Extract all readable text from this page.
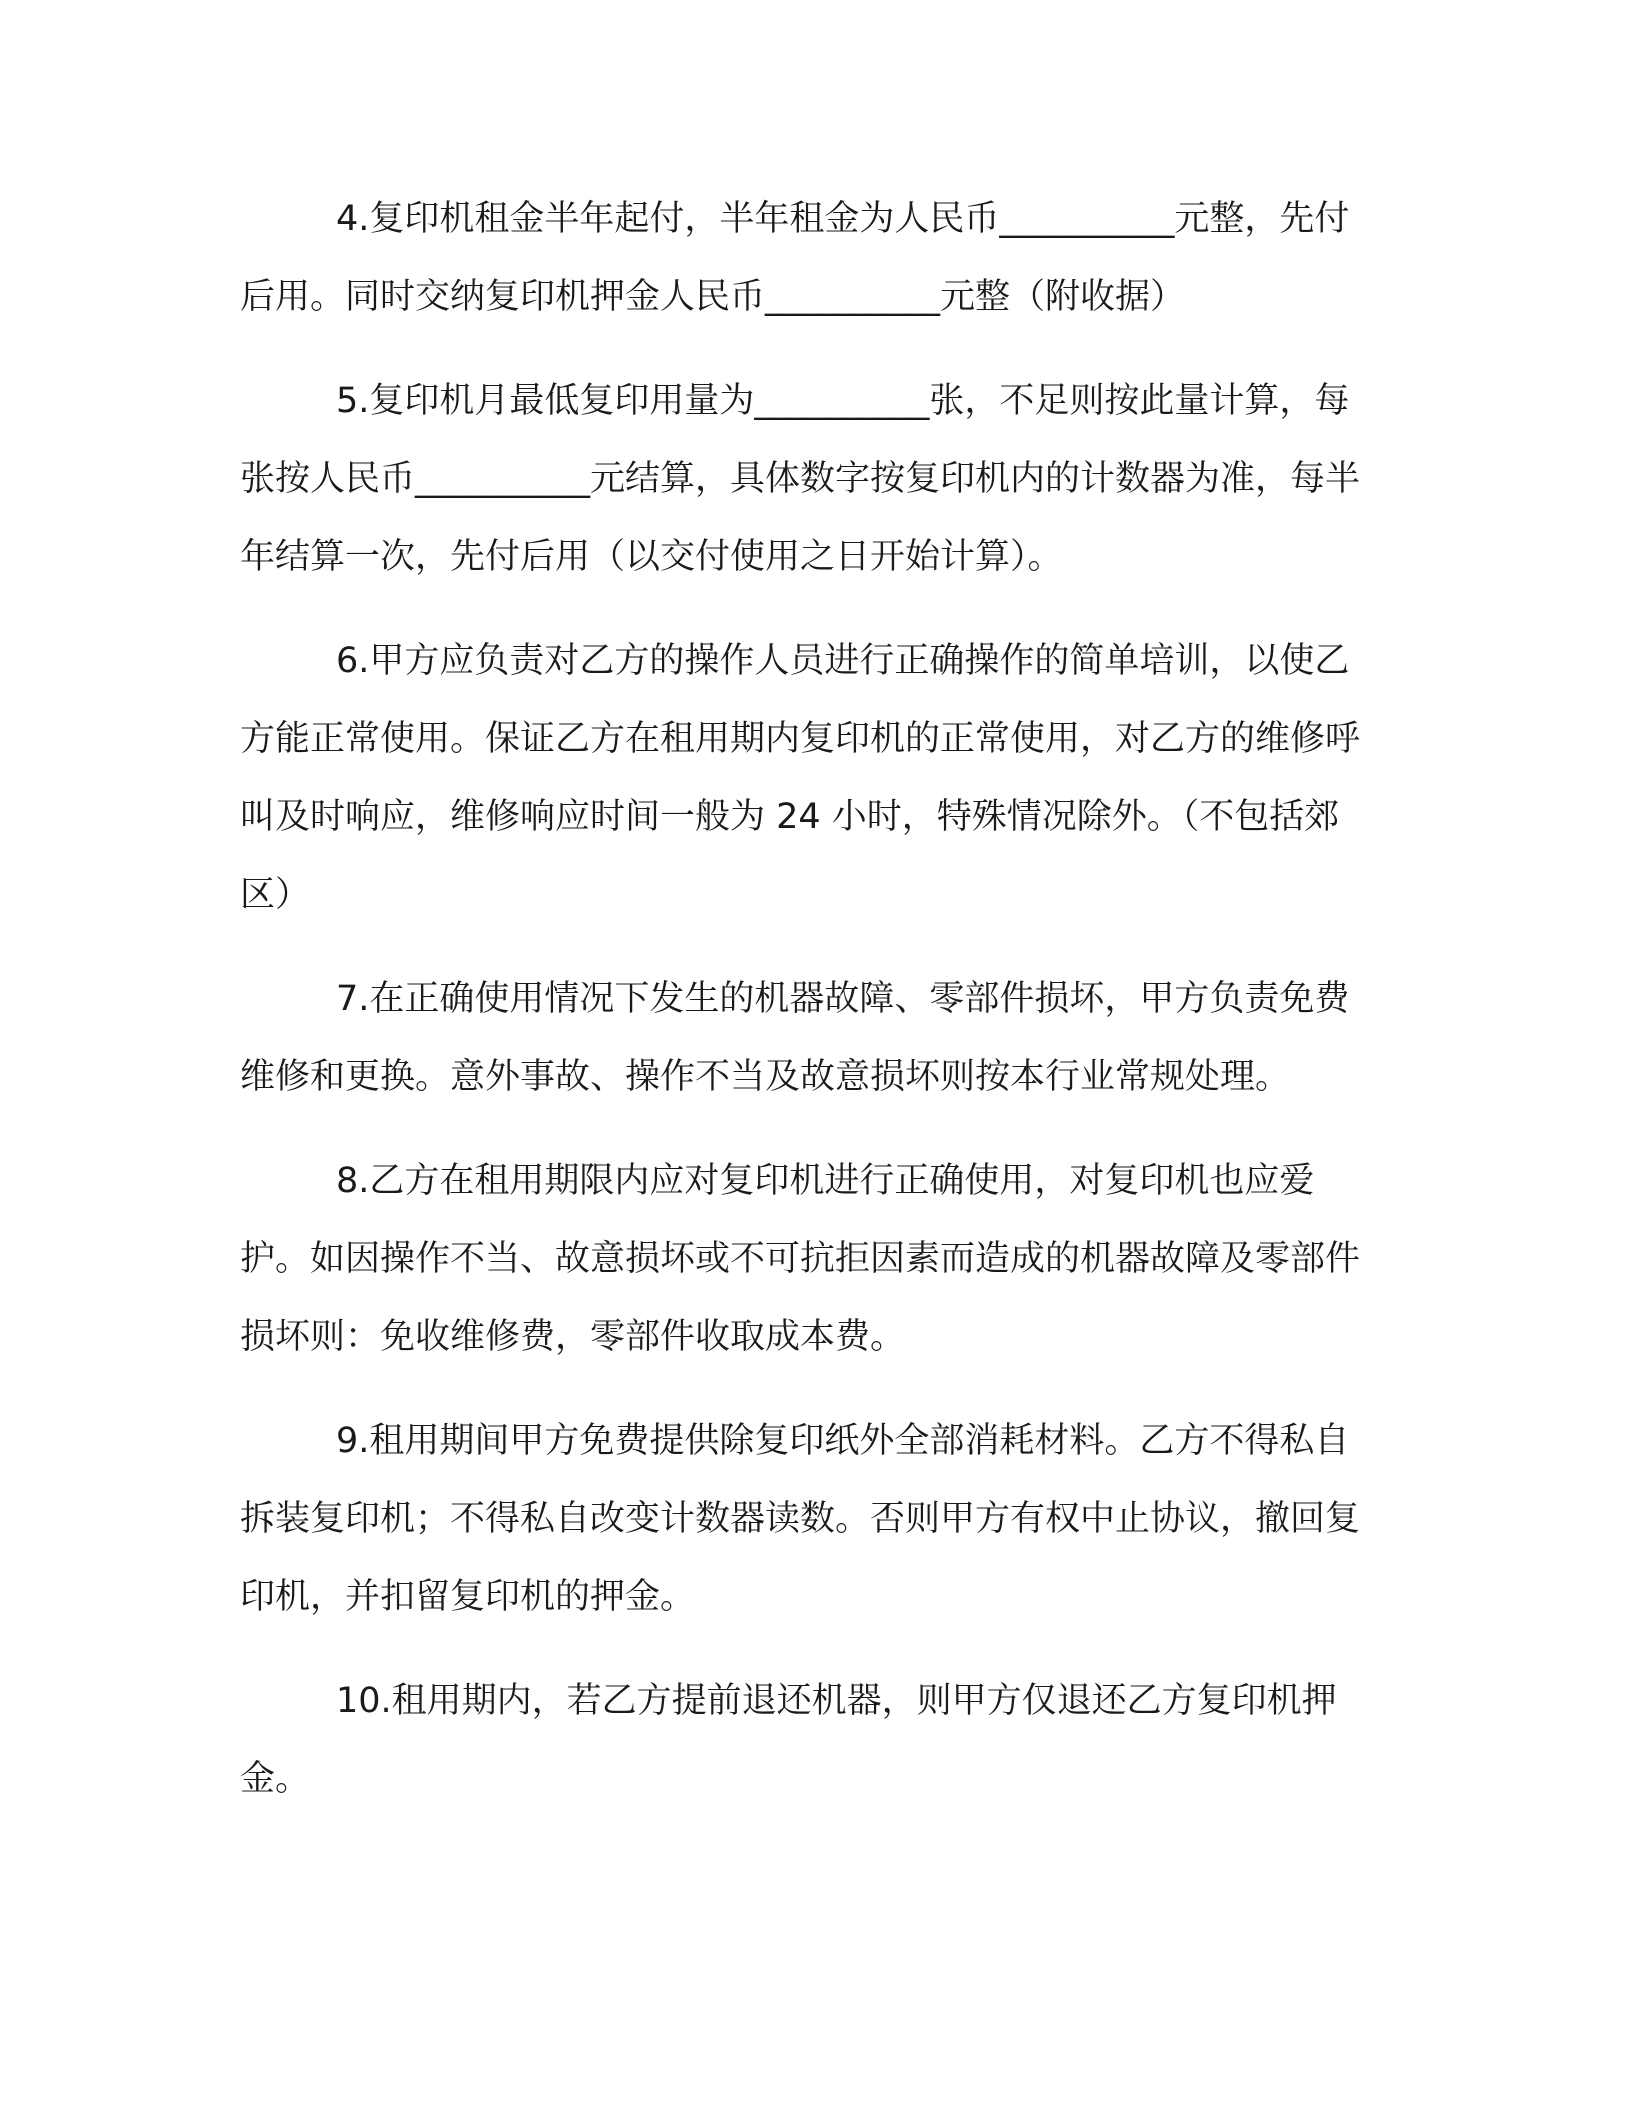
4.复印机租金半年起付，半年租金为人民币__________元整，先付后用。同时交纳复印机押金人民币__________元整（附收据）

5.复印机月最低复印用量为__________张，不足则按此量计算，每张按人民币__________元结算，具体数字按复印机内的计数器为准，每半年结算一次，先付后用（以交付使用之日开始计算）。

6.甲方应负责对乙方的操作人员进行正确操作的简单培训，以使乙方能正常使用。保证乙方在租用期内复印机的正常使用，对乙方的维修呼叫及时响应，维修响应时间一般为 24 小时，特殊情况除外。（不包括郊区）

7.在正确使用情况下发生的机器故障、零部件损坏，甲方负责免费维修和更换。意外事故、操作不当及故意损坏则按本行业常规处理。

8.乙方在租用期限内应对复印机进行正确使用，对复印机也应爱护。如因操作不当、故意损坏或不可抗拒因素而造成的机器故障及零部件损坏则：免收维修费，零部件收取成本费。

9.租用期间甲方免费提供除复印纸外全部消耗材料。乙方不得私自拆装复印机；不得私自改变计数器读数。否则甲方有权中止协议，撤回复印机，并扣留复印机的押金。

10.租用期内，若乙方提前退还机器，则甲方仅退还乙方复印机押金。
